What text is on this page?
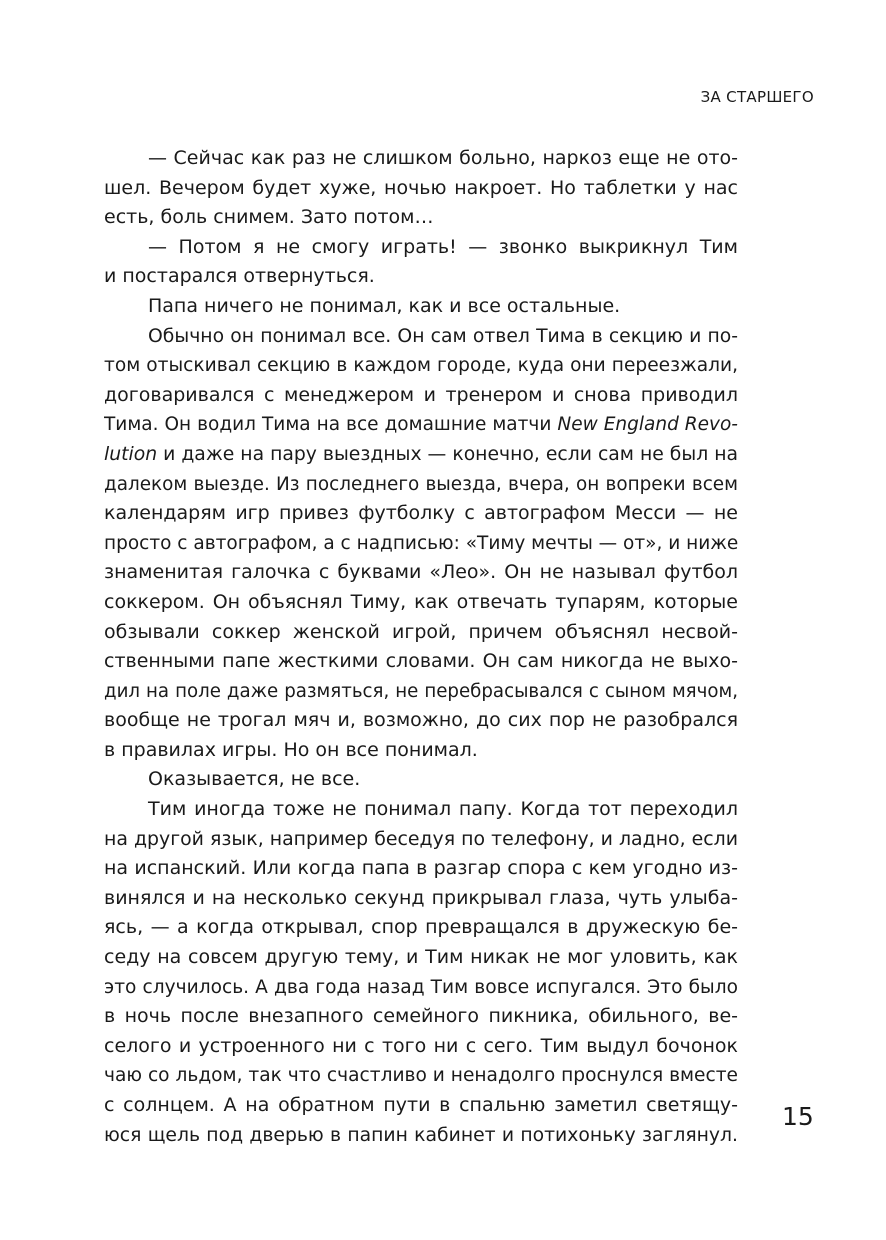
ЗА СТАРШЕГО
— Сейчас как раз не слишком больно, наркоз еще не ото-
шел. Вечером будет хуже, ночью накроет. Но таблетки у нас
есть, боль снимем. Зато потом…
— Потом я не смогу играть! — звонко выкрикнул Тим
и постарался отвернуться.
Папа ничего не понимал, как и все остальные.
Обычно он понимал все. Он сам отвел Тима в секцию и по-
том отыскивал секцию в каждом городе, куда они переезжали,
договаривался с менеджером и тренером и снова приводил
Тима. Он водил Тима на все домашние матчи New England Revo-
lution и даже на пару выездных — конечно, если сам не был на
далеком выезде. Из последнего выезда, вчера, он вопреки всем
календарям игр привез футболку с автографом Месси — не
просто с автографом, а с надписью: «Тиму мечты — от», и ниже
знаменитая галочка с буквами «Лео». Он не называл футбол
соккером. Он объяснял Тиму, как отвечать тупарям, которые
обзывали соккер женской игрой, причем объяснял несвой-
ственными папе жесткими словами. Он сам никогда не выхо-
дил на поле даже размяться, не перебрасывался с сыном мячом,
вообще не трогал мяч и, возможно, до сих пор не разобрался
в правилах игры. Но он все понимал.
Оказывается, не все.
Тим иногда тоже не понимал папу. Когда тот переходил
на другой язык, например беседуя по телефону, и ладно, если
на испанский. Или когда папа в разгар спора с кем угодно из-
винялся и на несколько секунд прикрывал глаза, чуть улыба-
ясь, — а когда открывал, спор превращался в дружескую бе-
седу на совсем другую тему, и Тим никак не мог уловить, как
это случилось. А два года назад Тим вовсе испугался. Это было
в ночь после внезапного семейного пикника, обильного, ве-
селого и устроенного ни с того ни с сего. Тим выдул бочонок
чаю со льдом, так что счастливо и ненадолго проснулся вместе
с солнцем. А на обратном пути в спальню заметил светящу-
юся щель под дверью в папин кабинет и потихоньку заглянул.
15
